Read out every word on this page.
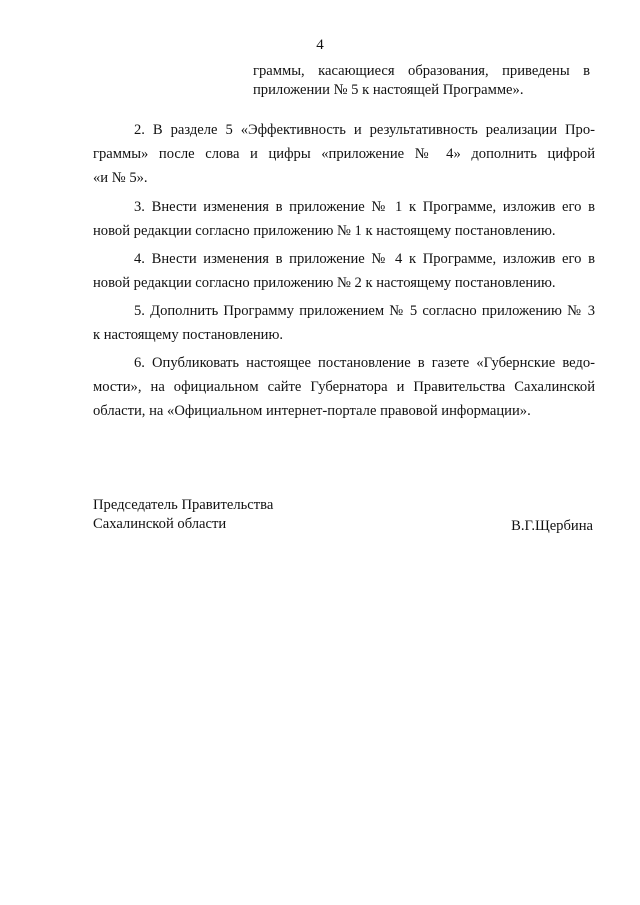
4
граммы, касающиеся образования, приведены в
приложении № 5 к настоящей Программе».
2. В разделе 5 «Эффективность и результативность реализации Про-
граммы» после слова и цифры «приложение № 4» дополнить цифрой
«и № 5».
3. Внести изменения в приложение № 1 к Программе, изложив его в
новой редакции согласно приложению № 1 к настоящему постановлению.
4. Внести изменения в приложение № 4 к Программе, изложив его в
новой редакции согласно приложению № 2 к настоящему постановлению.
5. Дополнить Программу приложением № 5 согласно приложению № 3
к настоящему постановлению.
6. Опубликовать настоящее постановление в газете «Губернские ведо-
мости», на официальном сайте Губернатора и Правительства Сахалинской
области, на «Официальном интернет-портале правовой информации».
Председатель Правительства
Сахалинской области	В.Г.Щербина
